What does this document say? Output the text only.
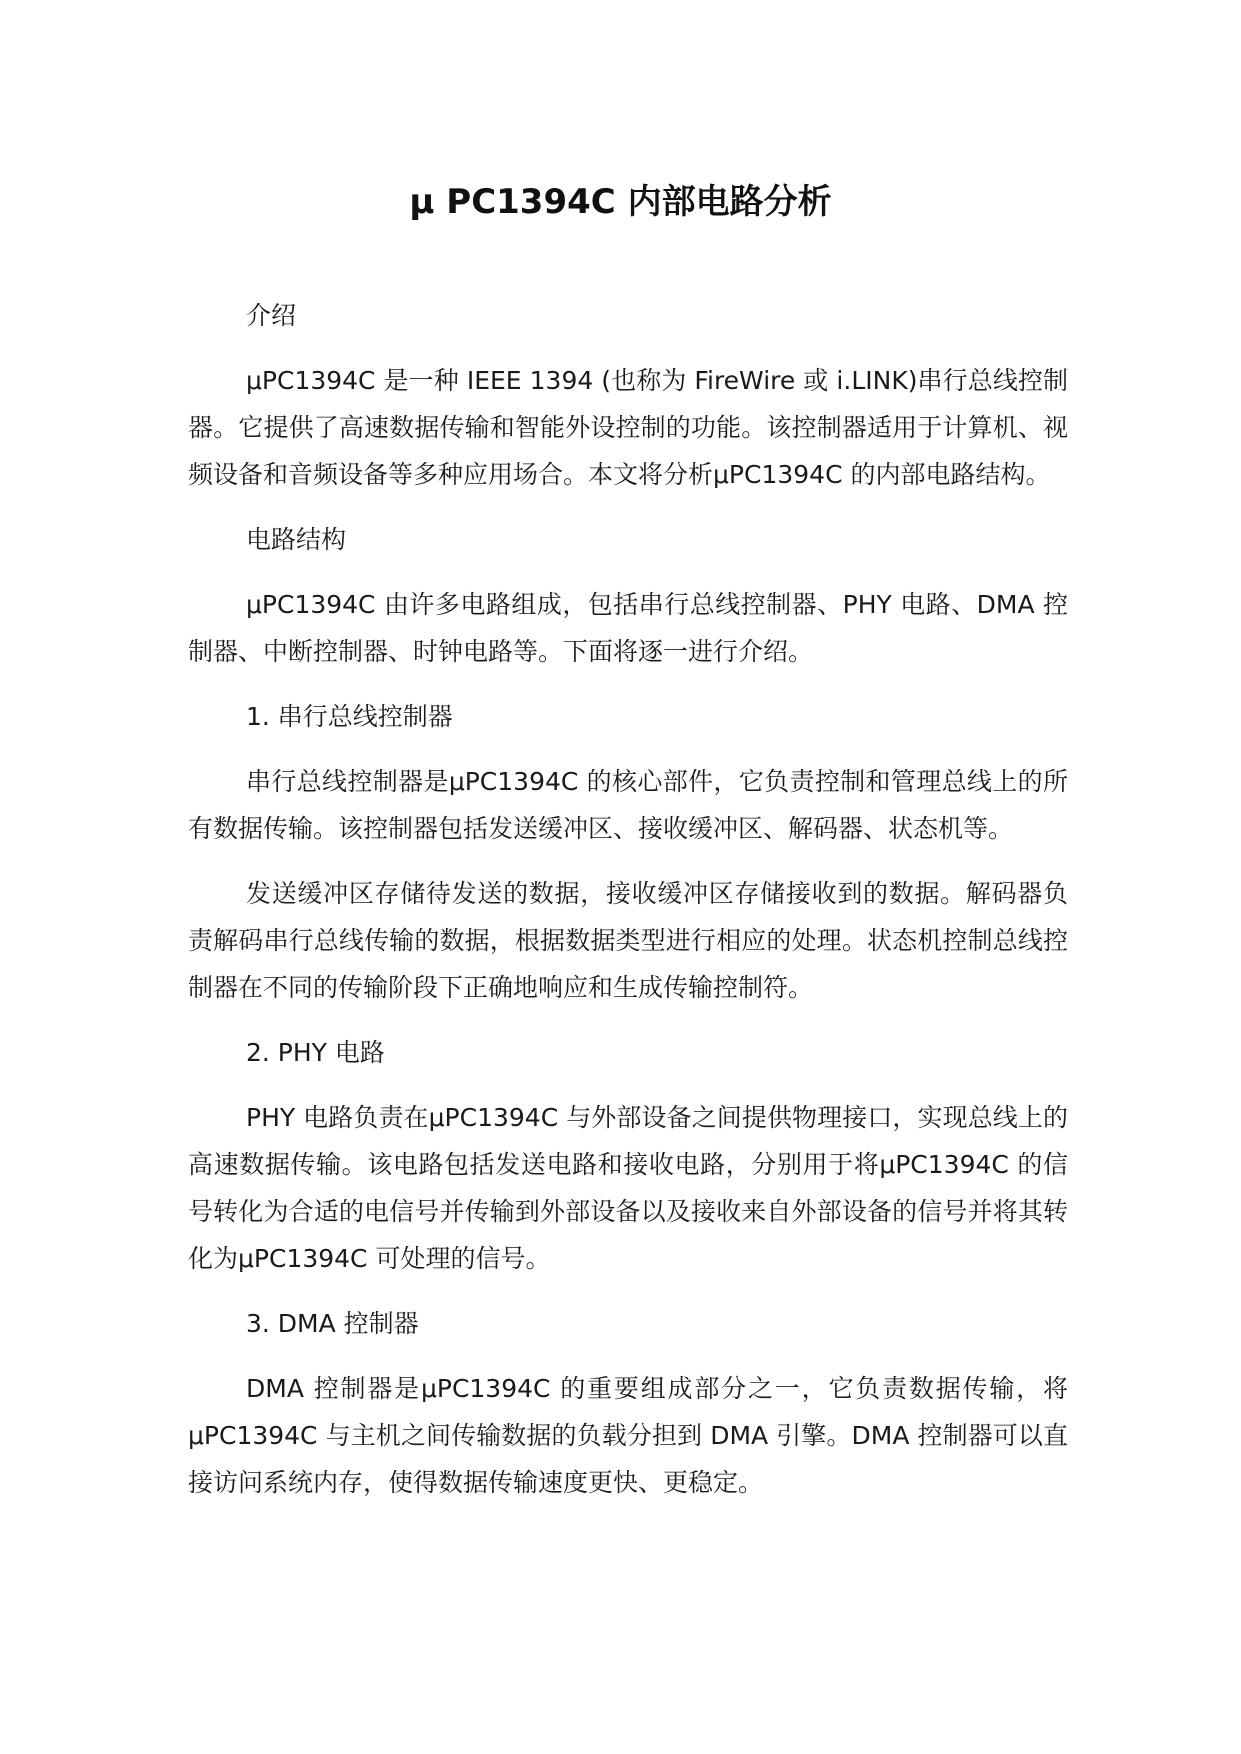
μ PC1394C 内部电路分析

介绍

μPC1394C 是一种 IEEE 1394 (也称为 FireWire 或 i.LINK)串行总线控制器。它提供了高速数据传输和智能外设控制的功能。该控制器适用于计算机、视频设备和音频设备等多种应用场合。本文将分析μPC1394C 的内部电路结构。

电路结构

μPC1394C 由许多电路组成，包括串行总线控制器、PHY 电路、DMA 控制器、中断控制器、时钟电路等。下面将逐一进行介绍。

1. 串行总线控制器

串行总线控制器是μPC1394C 的核心部件，它负责控制和管理总线上的所有数据传输。该控制器包括发送缓冲区、接收缓冲区、解码器、状态机等。

发送缓冲区存储待发送的数据，接收缓冲区存储接收到的数据。解码器负责解码串行总线传输的数据，根据数据类型进行相应的处理。状态机控制总线控制器在不同的传输阶段下正确地响应和生成传输控制符。

2. PHY 电路

PHY 电路负责在μPC1394C 与外部设备之间提供物理接口，实现总线上的高速数据传输。该电路包括发送电路和接收电路，分别用于将μPC1394C 的信号转化为合适的电信号并传输到外部设备以及接收来自外部设备的信号并将其转化为μPC1394C 可处理的信号。

3. DMA 控制器

DMA 控制器是μPC1394C 的重要组成部分之一，它负责数据传输，将μPC1394C 与主机之间传输数据的负载分担到 DMA 引擎。DMA 控制器可以直接访问系统内存，使得数据传输速度更快、更稳定。
